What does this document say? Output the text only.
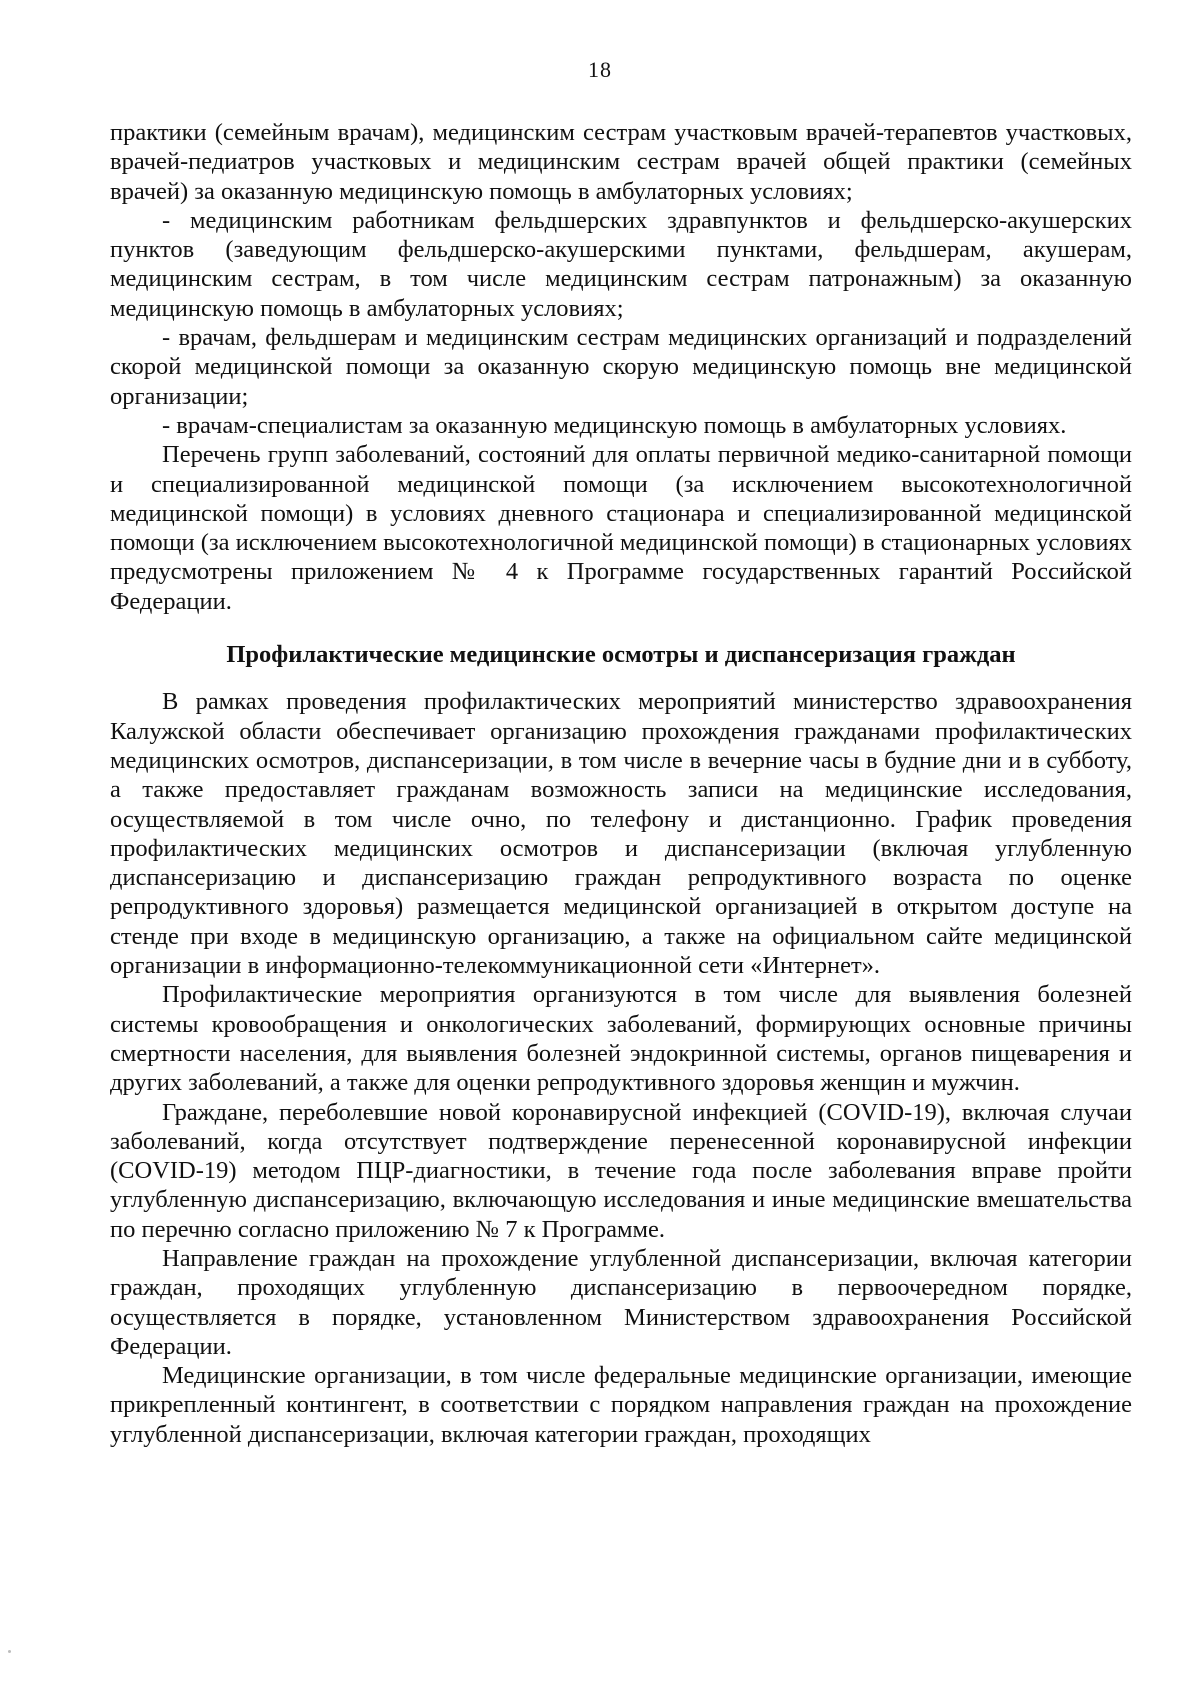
18

практики (семейным врачам), медицинским сестрам участковым врачей-терапевтов участковых, врачей-педиатров участковых и медицинским сестрам врачей общей практики (семейных врачей) за оказанную медицинскую помощь в амбулаторных условиях;

- медицинским работникам фельдшерских здравпунктов и фельдшерско-акушерских пунктов (заведующим фельдшерско-акушерскими пунктами, фельдшерам, акушерам, медицинским сестрам, в том числе медицинским сестрам патронажным) за оказанную медицинскую помощь в амбулаторных условиях;

- врачам, фельдшерам и медицинским сестрам медицинских организаций и подразделений скорой медицинской помощи за оказанную скорую медицинскую помощь вне медицинской организации;

- врачам-специалистам за оказанную медицинскую помощь в амбулаторных условиях.

Перечень групп заболеваний, состояний для оплаты первичной медико-санитарной помощи и специализированной медицинской помощи (за исключением высокотехнологичной медицинской помощи) в условиях дневного стационара и специализированной медицинской помощи (за исключением высокотехнологичной медицинской помощи) в стационарных условиях предусмотрены приложением № 4 к Программе государственных гарантий Российской Федерации.

Профилактические медицинские осмотры и диспансеризация граждан

В рамках проведения профилактических мероприятий министерство здравоохранения Калужской области обеспечивает организацию прохождения гражданами профилактических медицинских осмотров, диспансеризации, в том числе в вечерние часы в будние дни и в субботу, а также предоставляет гражданам возможность записи на медицинские исследования, осуществляемой в том числе очно, по телефону и дистанционно. График проведения профилактических медицинских осмотров и диспансеризации (включая углубленную диспансеризацию и диспансеризацию граждан репродуктивного возраста по оценке репродуктивного здоровья) размещается медицинской организацией в открытом доступе на стенде при входе в медицинскую организацию, а также на официальном сайте медицинской организации в информационно-телекоммуникационной сети «Интернет».

Профилактические мероприятия организуются в том числе для выявления болезней системы кровообращения и онкологических заболеваний, формирующих основные причины смертности населения, для выявления болезней эндокринной системы, органов пищеварения и других заболеваний, а также для оценки репродуктивного здоровья женщин и мужчин.

Граждане, переболевшие новой коронавирусной инфекцией (COVID-19), включая случаи заболеваний, когда отсутствует подтверждение перенесенной коронавирусной инфекции (COVID-19) методом ПЦР-диагностики, в течение года после заболевания вправе пройти углубленную диспансеризацию, включающую исследования и иные медицинские вмешательства по перечню согласно приложению № 7 к Программе.

Направление граждан на прохождение углубленной диспансеризации, включая категории граждан, проходящих углубленную диспансеризацию в первоочередном порядке, осуществляется в порядке, установленном Министерством здравоохранения Российской Федерации.

Медицинские организации, в том числе федеральные медицинские организации, имеющие прикрепленный контингент, в соответствии с порядком направления граждан на прохождение углубленной диспансеризации, включая категории граждан, проходящих
